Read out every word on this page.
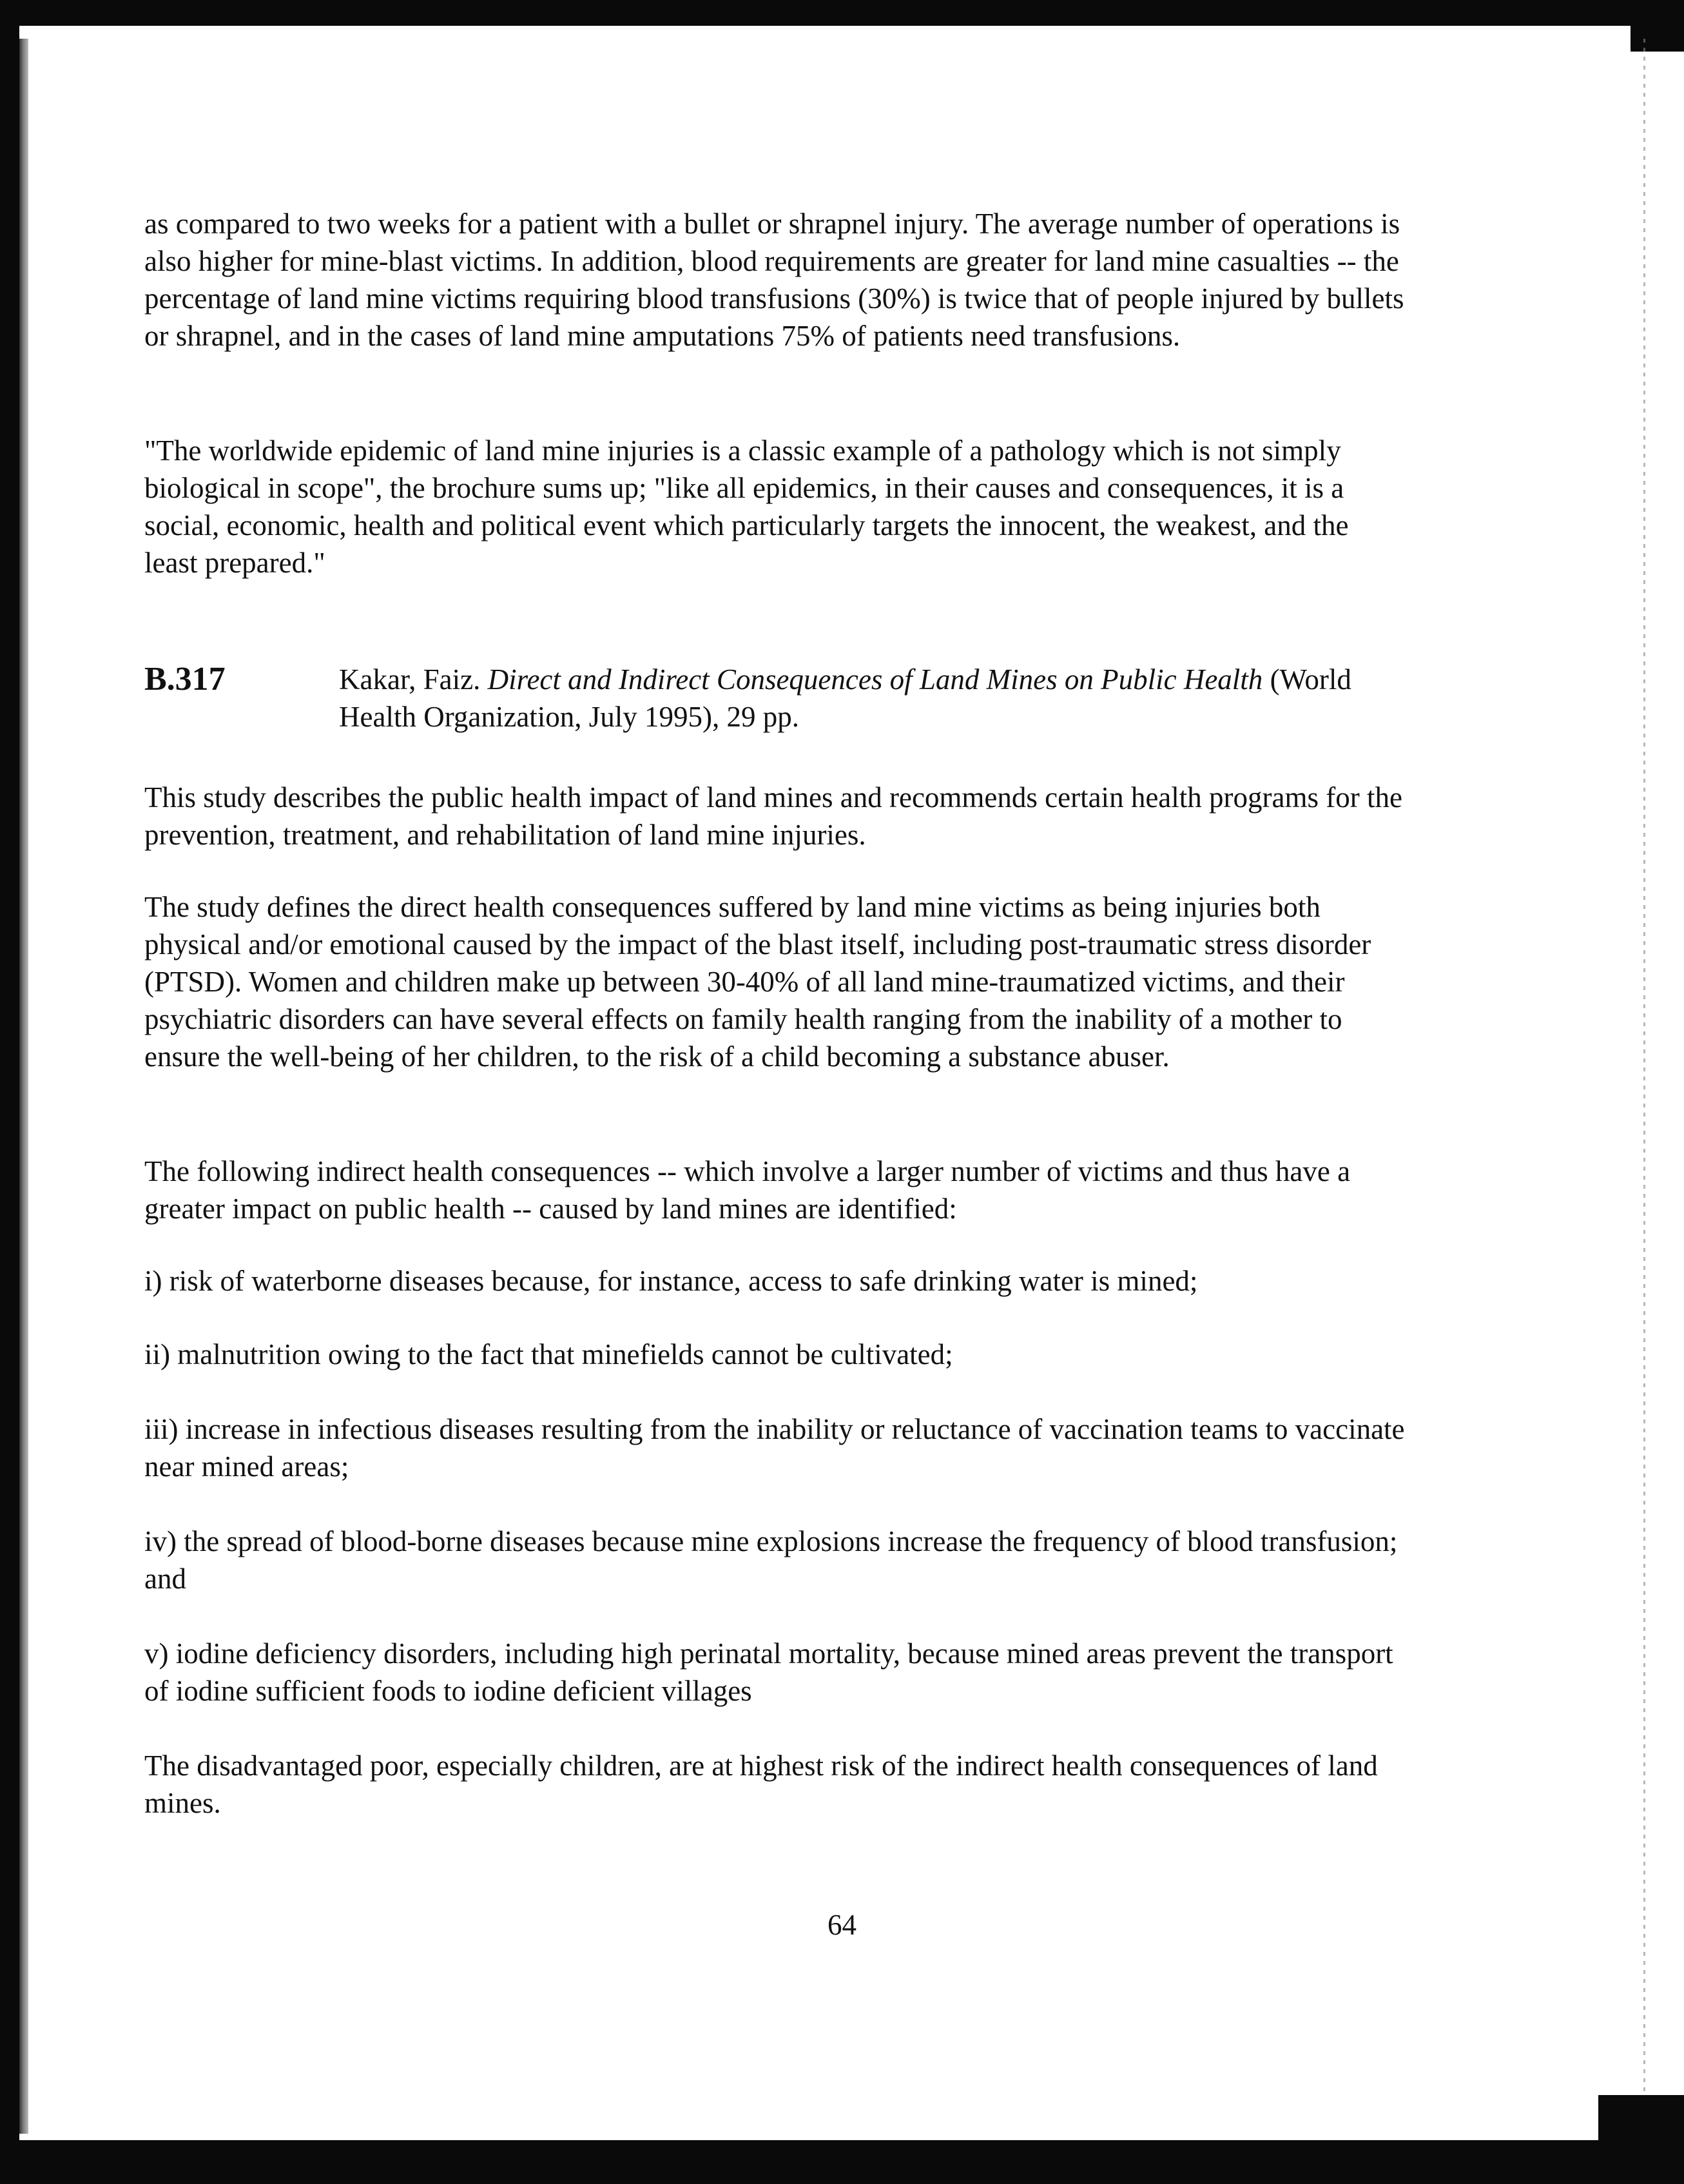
as compared to two weeks for a patient with a bullet or shrapnel injury. The average number of operations is also higher for mine-blast victims. In addition, blood requirements are greater for land mine casualties -- the percentage of land mine victims requiring blood transfusions (30%) is twice that of people injured by bullets or shrapnel, and in the cases of land mine amputations 75% of patients need transfusions.

"The worldwide epidemic of land mine injuries is a classic example of a pathology which is not simply biological in scope", the brochure sums up; "like all epidemics, in their causes and consequences, it is a social, economic, health and political event which particularly targets the innocent, the weakest, and the least prepared."

B.317	Kakar, Faiz. Direct and Indirect Consequences of Land Mines on Public Health (World Health Organization, July 1995), 29 pp.

This study describes the public health impact of land mines and recommends certain health programs for the prevention, treatment, and rehabilitation of land mine injuries.

The study defines the direct health consequences suffered by land mine victims as being injuries both physical and/or emotional caused by the impact of the blast itself, including post-traumatic stress disorder (PTSD). Women and children make up between 30-40% of all land mine-traumatized victims, and their psychiatric disorders can have several effects on family health ranging from the inability of a mother to ensure the well-being of her children, to the risk of a child becoming a substance abuser.

The following indirect health consequences -- which involve a larger number of victims and thus have a greater impact on public health -- caused by land mines are identified:

i) risk of waterborne diseases because, for instance, access to safe drinking water is mined;

ii) malnutrition owing to the fact that minefields cannot be cultivated;

iii) increase in infectious diseases resulting from the inability or reluctance of vaccination teams to vaccinate near mined areas;

iv) the spread of blood-borne diseases because mine explosions increase the frequency of blood transfusion; and

v) iodine deficiency disorders, including high perinatal mortality, because mined areas prevent the transport of iodine sufficient foods to iodine deficient villages

The disadvantaged poor, especially children, are at highest risk of the indirect health consequences of land mines.

64
